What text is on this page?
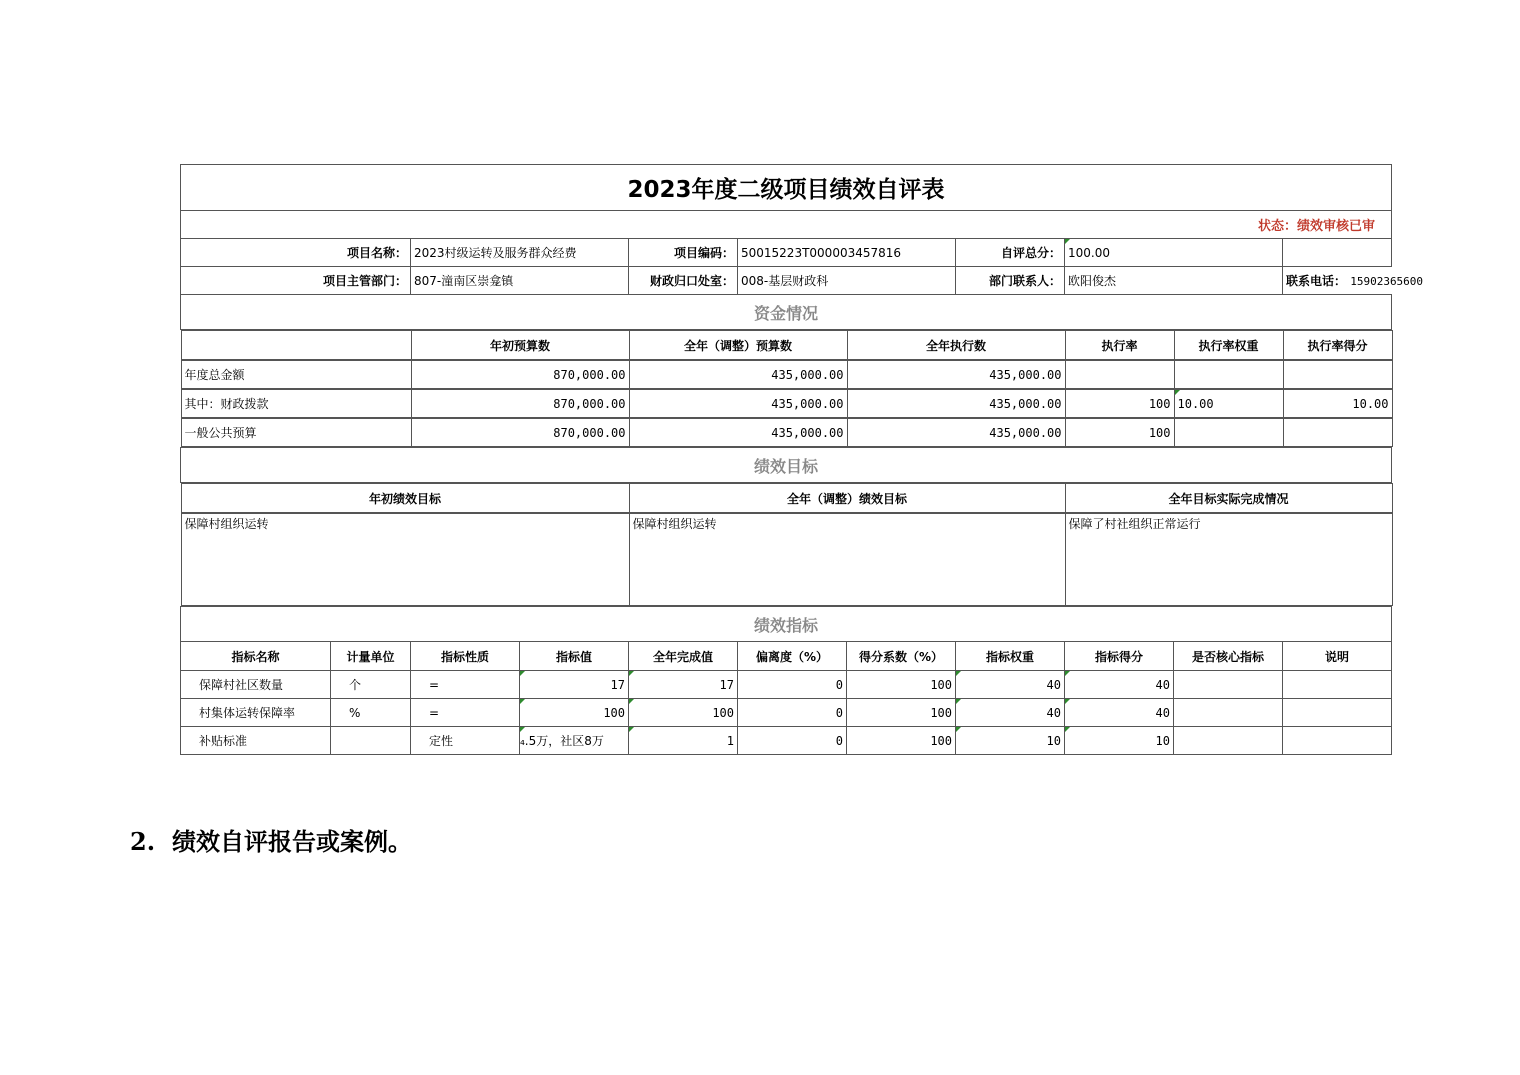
2023年度二级项目绩效自评表
状态：绩效审核已审
项目名称：	2023村级运转及服务群众经费	项目编码：	50015223T000003457816	自评总分：	100.00	
项目主管部门：	807-潼南区崇龛镇	财政归口处室：	008-基层财政科	部门联系人：	欧阳俊杰	联系电话： 15902365600
资金情况

	年初预算数	全年（调整）预算数	全年执行数	执行率	执行率权重	执行率得分

年度总金额	870,000.00	435,000.00	435,000.00			

其中：财政拨款	870,000.00	435,000.00	435,000.00	100	10.00	10.00

一般公共预算	870,000.00	435,000.00	435,000.00	100		

绩效目标

年初绩效目标	全年（调整）绩效目标	全年目标实际完成情况

保障村组织运转	保障村组织运转	保障了村社组织正常运行

绩效指标
指标名称	计量单位	指标性质	指标值	全年完成值	偏离度（%）	得分系数（%）	指标权重	指标得分	是否核心指标	说明
保障村社区数量	个	=	17	17	0	100	40	40		
村集体运转保障率	%	=	100	100	0	100	40	40		
补贴标准		定性	₄.5万，社区8万	1	0	100	10	10		
2. 绩效自评报告或案例。
